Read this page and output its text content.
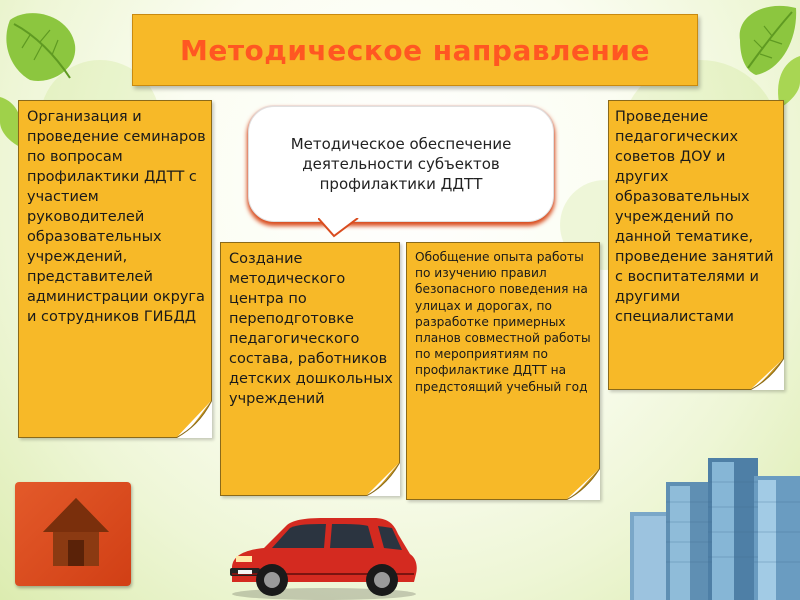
Методическое направление
Организация и проведение семинаров по вопросам профилактики ДДТТ с участием руководителей образовательных учреждений, представителей администрации округа и сотрудников ГИБДД
Методическое обеспечение деятельности субъектов профилактики ДДТТ
Создание методического центра по переподготовке педагогического состава, работников детских дошкольных учреждений
Обобщение опыта работы по изучению правил безопасного поведения на улицах и дорогах, по разработке примерных планов совместной работы по мероприятиям по профилактике ДДТТ на предстоящий учебный год
Проведение педагогических советов ДОУ и других образовательных учреждений по данной тематике, проведение занятий с воспитателями и другими специалистами
